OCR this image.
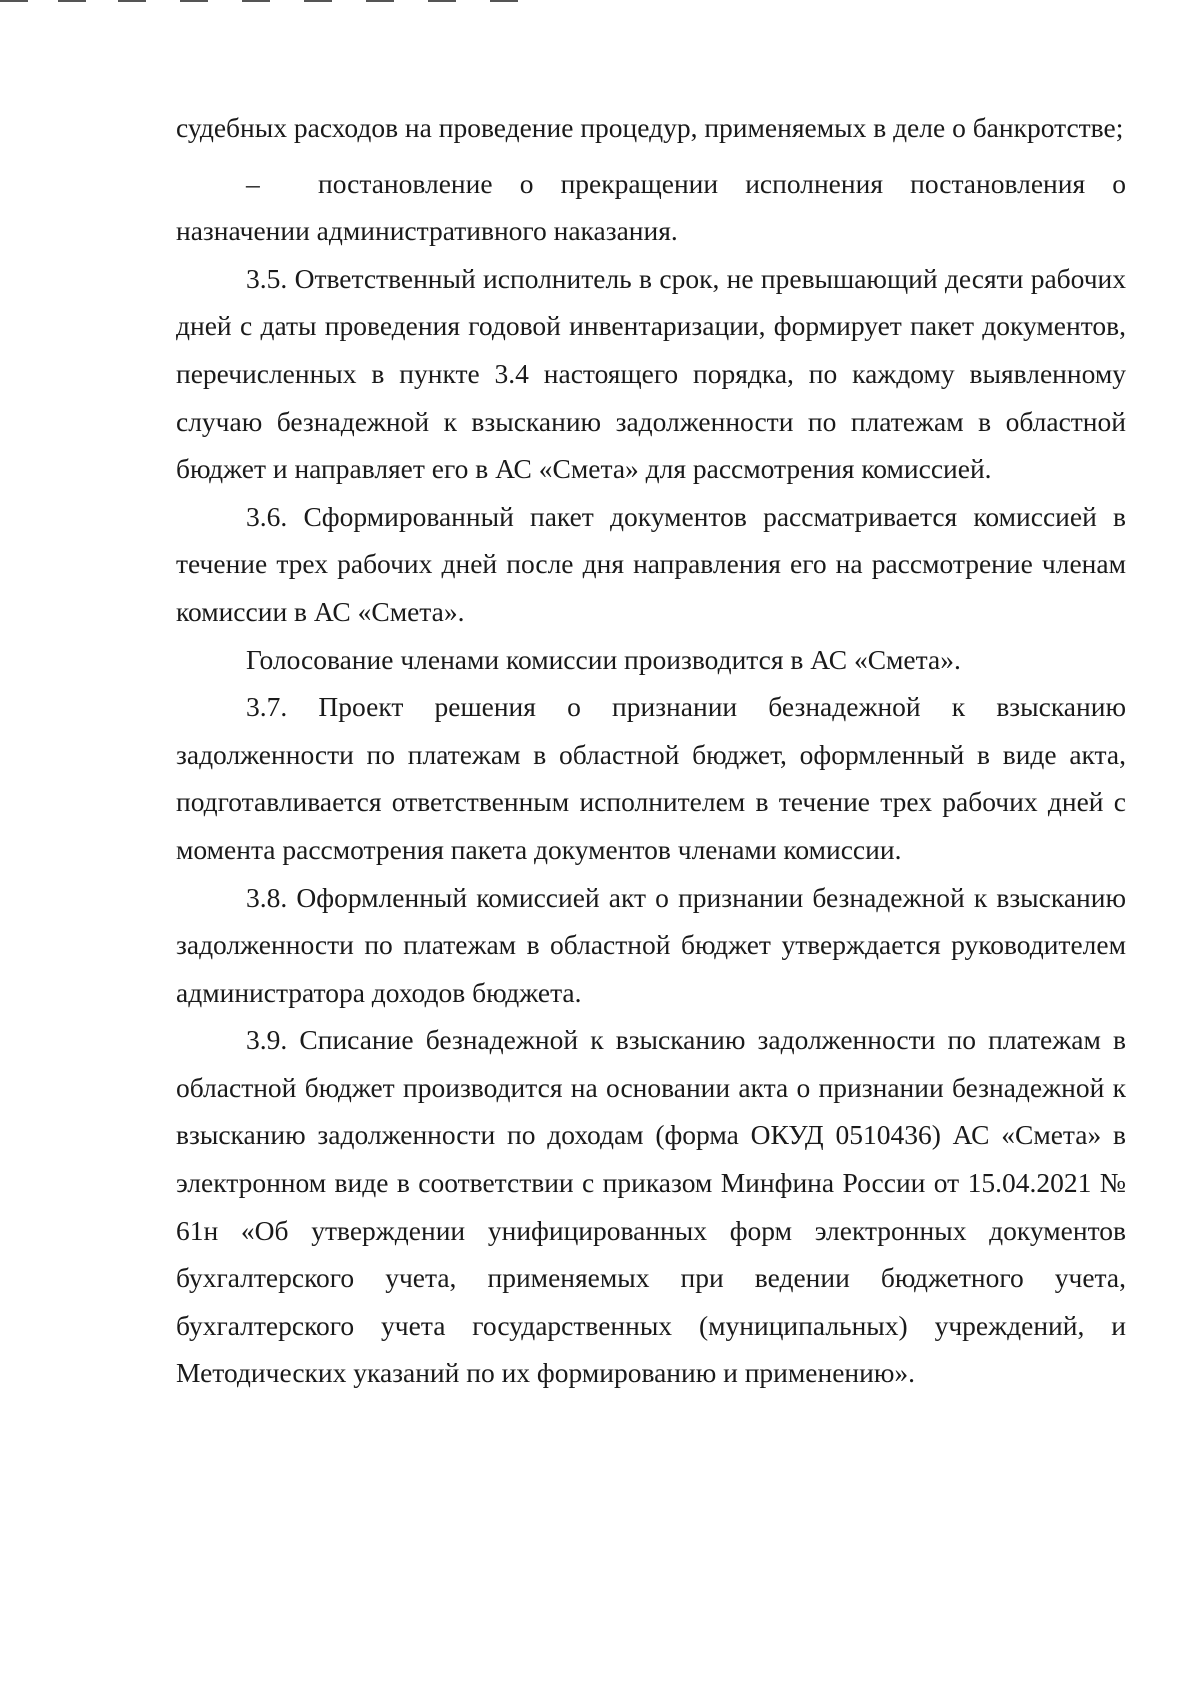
судебных расходов на проведение процедур, применяемых в деле о банкротстве;

– постановление о прекращении исполнения постановления о назначении административного наказания.

3.5. Ответственный исполнитель в срок, не превышающий десяти рабочих дней с даты проведения годовой инвентаризации, формирует пакет документов, перечисленных в пункте 3.4 настоящего порядка, по каждому выявленному случаю безнадежной к взысканию задолженности по платежам в областной бюджет и направляет его в АС «Смета» для рассмотрения комиссией.

3.6. Сформированный пакет документов рассматривается комиссией в течение трех рабочих дней после дня направления его на рассмотрение членам комиссии в АС «Смета».

Голосование членами комиссии производится в АС «Смета».

3.7. Проект решения о признании безнадежной к взысканию задолженности по платежам в областной бюджет, оформленный в виде акта, подготавливается ответственным исполнителем в течение трех рабочих дней с момента рассмотрения пакета документов членами комиссии.

3.8. Оформленный комиссией акт о признании безнадежной к взысканию задолженности по платежам в областной бюджет утверждается руководителем администратора доходов бюджета.

3.9. Списание безнадежной к взысканию задолженности по платежам в областной бюджет производится на основании акта о признании безнадежной к взысканию задолженности по доходам (форма ОКУД 0510436) АС «Смета» в электронном виде в соответствии с приказом Минфина России от 15.04.2021 № 61н «Об утверждении унифицированных форм электронных документов бухгалтерского учета, применяемых при ведении бюджетного учета, бухгалтерского учета государственных (муниципальных) учреждений, и Методических указаний по их формированию и применению».
